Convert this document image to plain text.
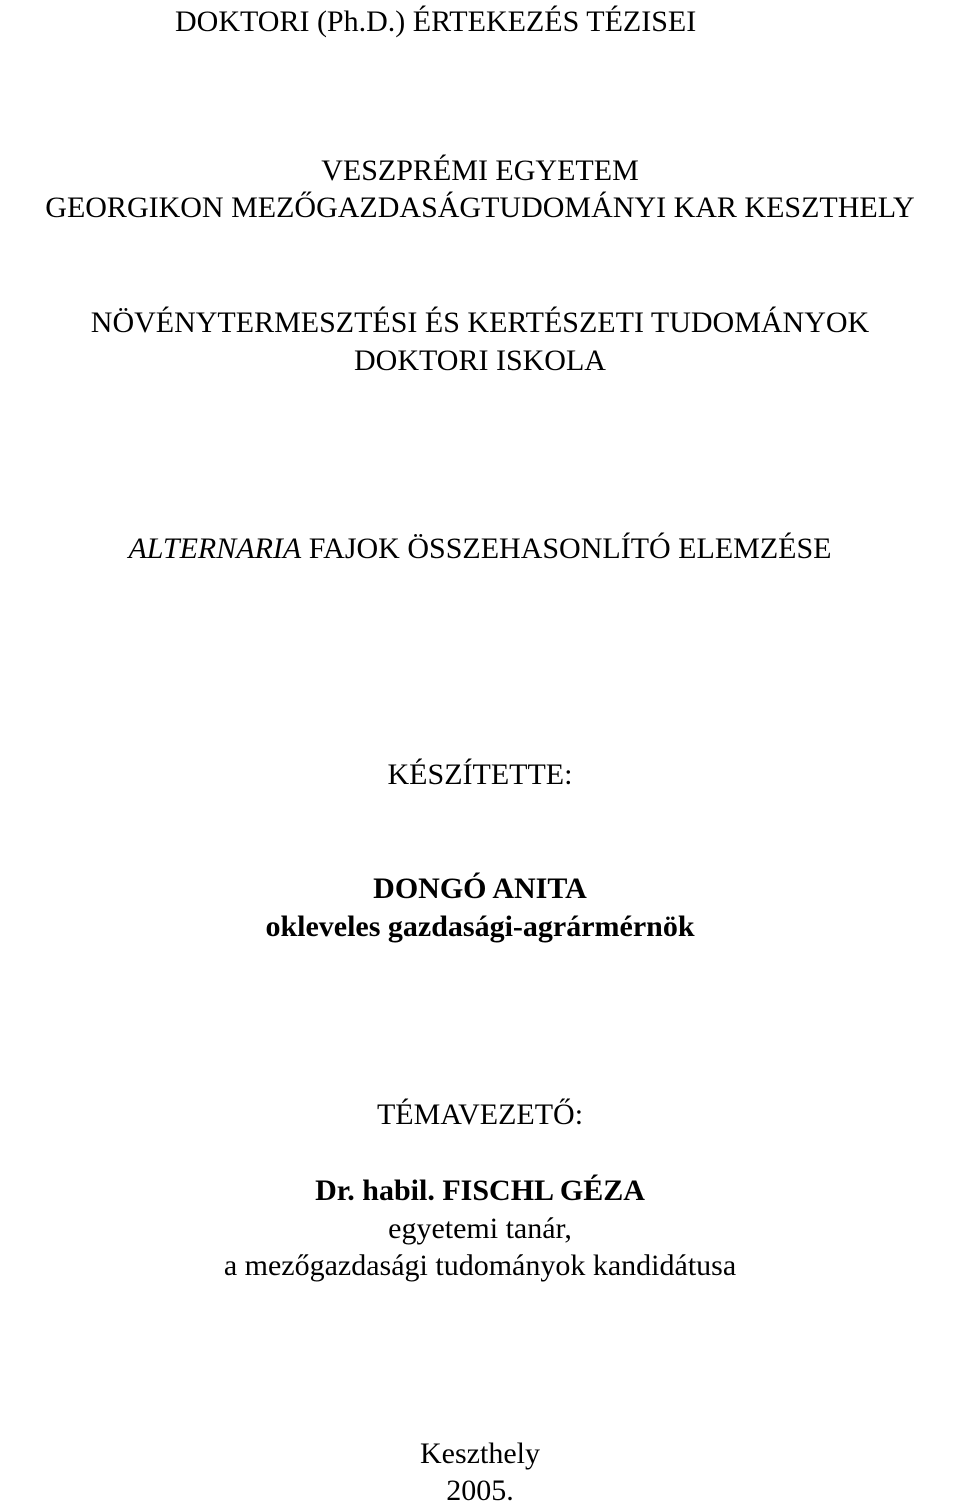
DOKTORI (Ph.D.) ÉRTEKEZÉS TÉZISEI
VESZPRÉMI EGYETEM
GEORGIKON MEZŐGAZDASÁGTUDOMÁNYI KAR KESZTHELY
NÖVÉNYTERMESZTÉSI ÉS KERTÉSZETI TUDOMÁNYOK
DOKTORI ISKOLA
ALTERNARIA FAJOK ÖSSZEHASONLÍTÓ ELEMZÉSE
KÉSZÍTETTE:
DONGÓ ANITA
okleveles gazdasági-agrármérnök
TÉMAVEZETŐ:
Dr. habil. FISCHL GÉZA
egyetemi tanár,
a mezőgazdasági tudományok kandidátusa
Keszthely
2005.
